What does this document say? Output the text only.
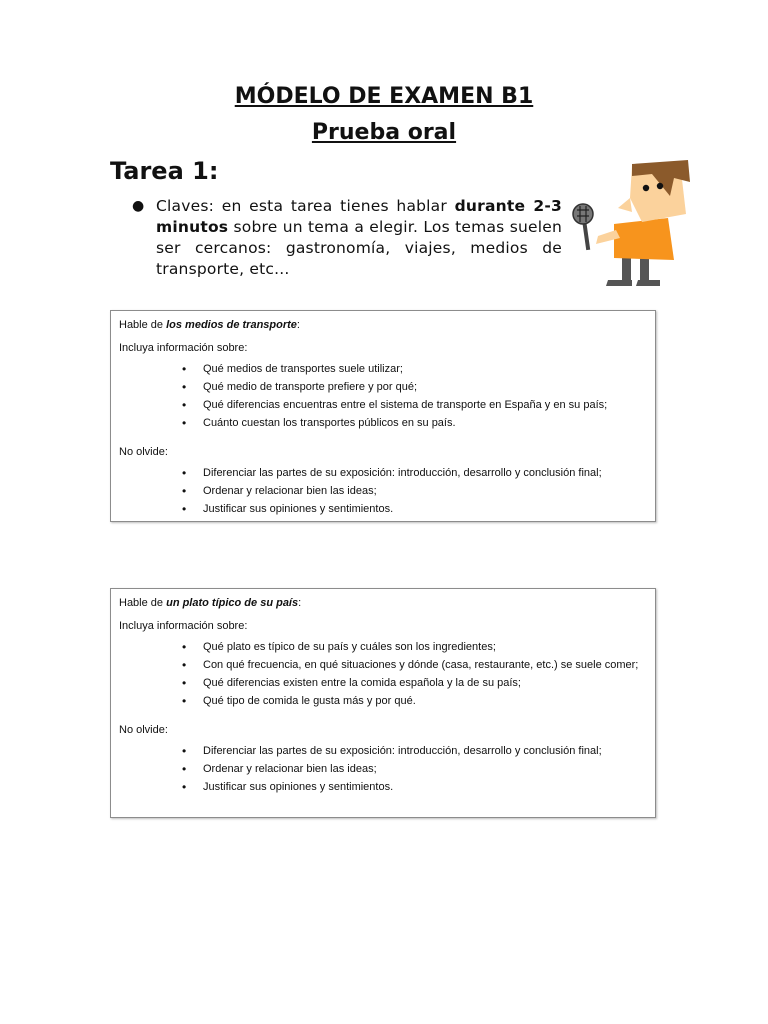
MÓDELO DE EXAMEN B1
Prueba oral
Tarea 1:
● Claves: en esta tarea tienes hablar durante 2-3 minutos sobre un tema a elegir. Los temas suelen ser cercanos: gastronomía, viajes, medios de transporte, etc...

Hable de los medios de transporte:

Incluya información sobre:

• Qué medios de transportes suele utilizar;
• Qué medio de transporte prefiere y por qué;
• Qué diferencias encuentras entre el sistema de transporte en España y en su país;
• Cuánto cuestan los transportes públicos en su país.

No olvide:

• Diferenciar las partes de su exposición: introducción, desarrollo y conclusión final;
• Ordenar y relacionar bien las ideas;
• Justificar sus opiniones y sentimientos.

Hable de un plato típico de su país:

Incluya información sobre:

• Qué plato es típico de su país y cuáles son los ingredientes;
• Con qué frecuencia, en qué situaciones y dónde (casa, restaurante, etc.) se suele comer;
• Qué diferencias existen entre la comida española y la de su país;
• Qué tipo de comida le gusta más y por qué.

No olvide:

• Diferenciar las partes de su exposición: introducción, desarrollo y conclusión final;
• Ordenar y relacionar bien las ideas;
• Justificar sus opiniones y sentimientos.
